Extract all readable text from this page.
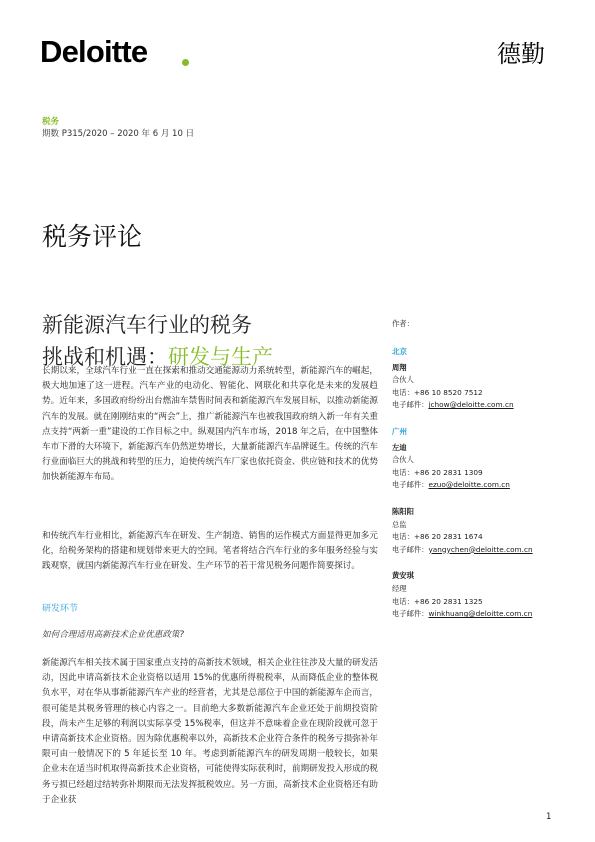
Deloitte	德勤
税务
期数 P315/2020 – 2020 年 6 月 10 日
税务评论
新能源汽车行业的税务
挑战和机遇：研发与生产
长期以来，全球汽车行业一直在探索和推动交通能源动力系统转型，新能源汽车的崛起，极大地加速了这一进程。汽车产业的电动化、智能化、网联化和共享化是未来的发展趋势。近年来，多国政府纷纷出台燃油车禁售时间表和新能源汽车发展目标，以推动新能源汽车的发展。就在刚刚结束的“两会”上，推广新能源汽车也被我国政府纳入新一年有关重点支持“两新一重”建设的工作目标之中。纵观国内汽车市场，2018 年之后，在中国整体车市下滑的大环境下，新能源汽车仍然逆势增长，大量新能源汽车品牌诞生。传统的汽车行业面临巨大的挑战和转型的压力，迫使传统汽车厂家也依托资金、供应链和技术的优势加快新能源车布局。
和传统汽车行业相比，新能源汽车在研发、生产制造、销售的运作模式方面显得更加多元化，给税务架构的搭建和规划带来更大的空间。笔者将结合汽车行业的多年服务经验与实践观察，就国内新能源汽车行业在研发、生产环节的若干常见税务问题作简要探讨。
研发环节
如何合理适用高新技术企业优惠政策?
新能源汽车相关技术属于国家重点支持的高新技术领域，相关企业往往涉及大量的研发活动，因此申请高新技术企业资格以适用 15%的优惠所得税税率，从而降低企业的整体税负水平，对在华从事新能源汽车产业的经营者，尤其是总部位于中国的新能源车企而言，很可能是其税务管理的核心内容之一。目前绝大多数新能源汽车企业还处于前期投资阶段，尚未产生足够的利润以实际享受 15%税率，但这并不意味着企业在现阶段就可忽于申请高新技术企业资格。因为除优惠税率以外，高新技术企业符合条件的税务亏损弥补年限可由一般情况下的 5 年延长至 10 年。考虑到新能源汽车的研发周期一般较长，如果企业未在适当时机取得高新技术企业资格，可能使得实际获利时，前期研发投入形成的税务亏损已经超过结转弥补期限而无法发挥抵税效应。另一方面，高新技术企业资格还有助于企业获
作者：
北京
周翔
合伙人
电话：+86 10 8520 7512
电子邮件：jchow@deloitte.com.cn
广州
左迪
合伙人
电话：+86 20 2831 1309
电子邮件：ezuo@deloitte.com.cn
陈阳阳
总监
电话：+86 20 2831 1674
电子邮件：yangychen@deloitte.com.cn
黄安琪
经理
电话：+86 20 2831 1325
电子邮件：winkhuang@deloitte.com.cn
1
